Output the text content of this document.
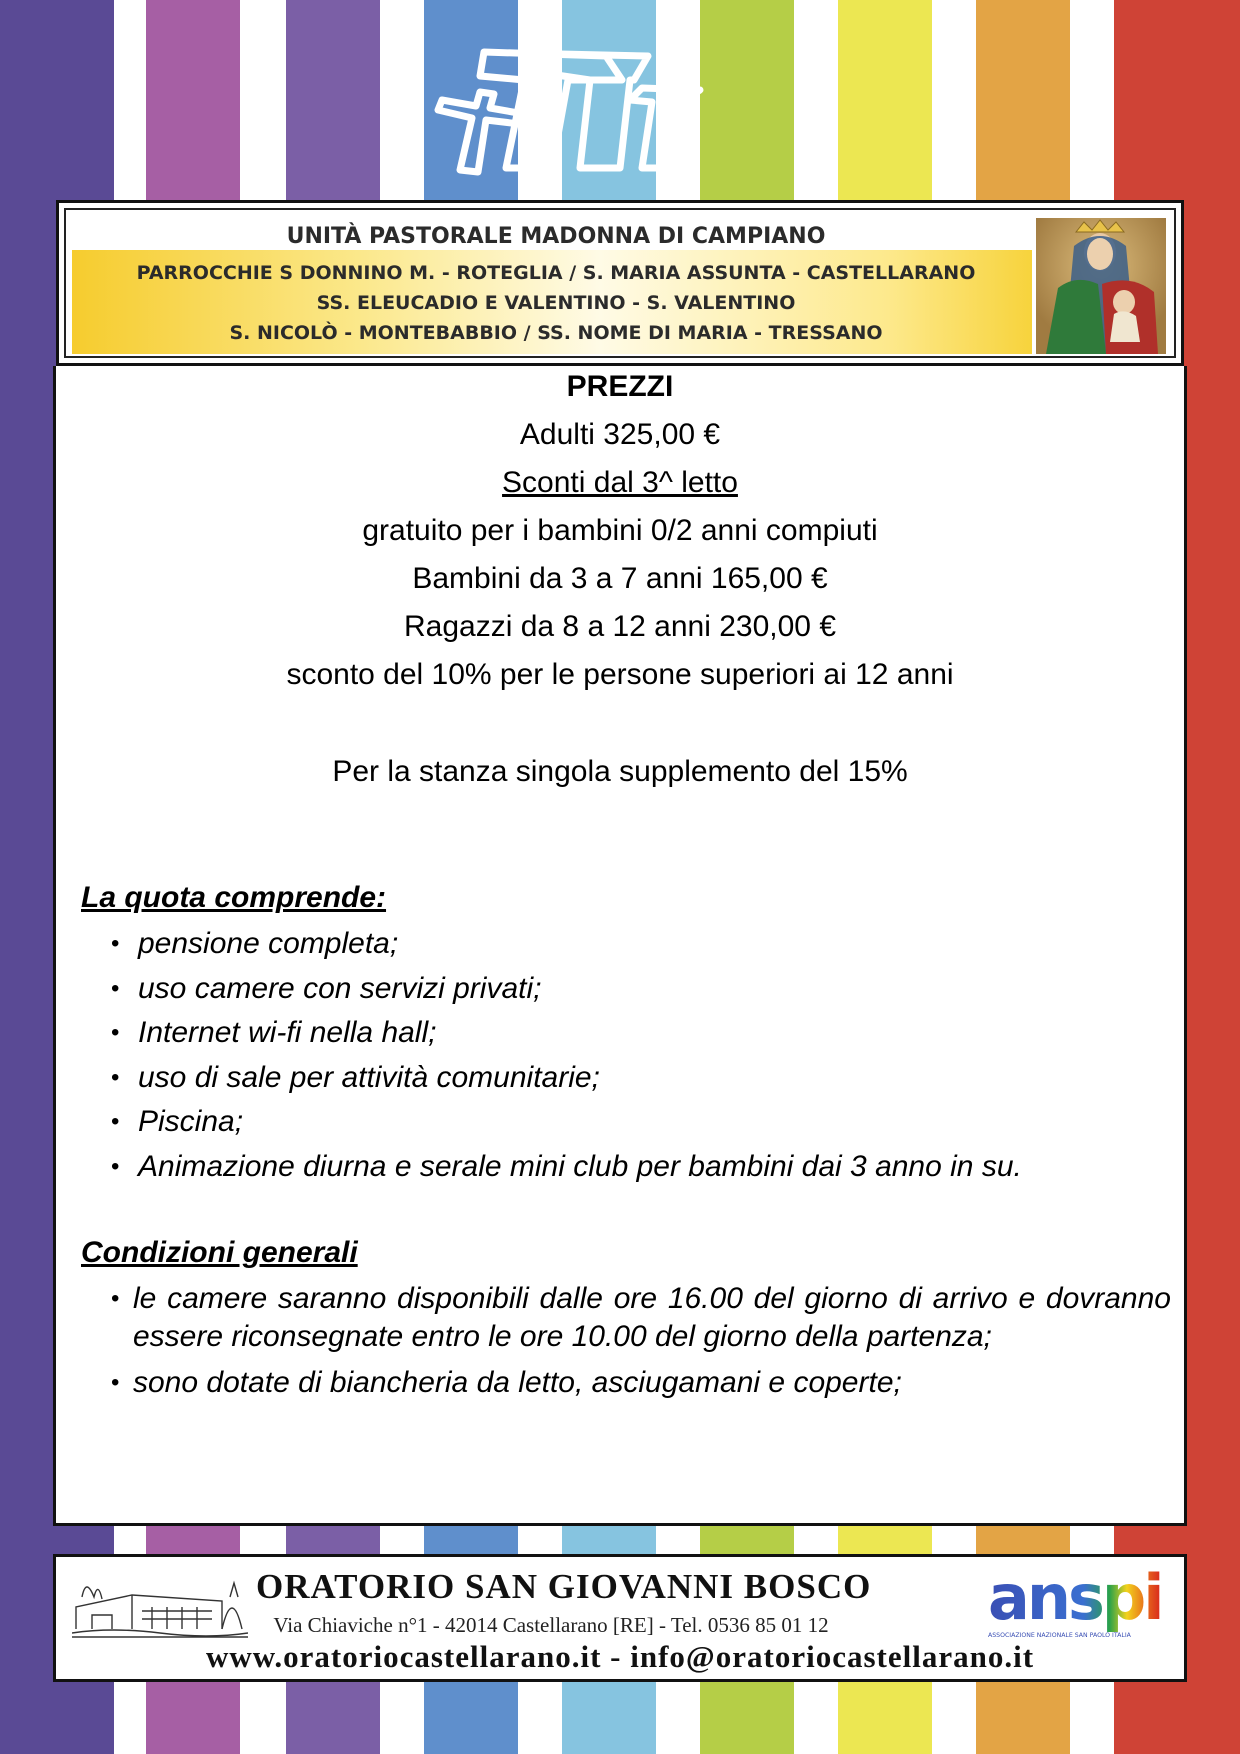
UNITÀ PASTORALE MADONNA DI CAMPIANO
PARROCCHIE S DONNINO M. - ROTEGLIA / S. MARIA ASSUNTA - CASTELLARANO
SS. ELEUCADIO E VALENTINO - S. VALENTINO
S. NICOLÒ - MONTEBABBIO / SS. NOME DI MARIA - TRESSANO
PREZZI
Adulti 325,00 €
Sconti dal 3^ letto
gratuito per i bambini 0/2 anni compiuti
Bambini da 3 a 7 anni 165,00 €
Ragazzi da 8 a 12 anni 230,00 €
sconto del 10% per le persone superiori ai 12 anni
Per la stanza singola supplemento del 15%
La quota comprende:
• pensione completa;
• uso camere con servizi privati;
• Internet wi-fi nella hall;
• uso di sale per attività comunitarie;
• Piscina;
• Animazione diurna e serale mini club per bambini dai 3 anno in su.
Condizioni generali
• le camere saranno disponibili dalle ore 16.00 del giorno di arrivo e dovranno essere riconsegnate entro le ore 10.00 del giorno della partenza;
• sono dotate di biancheria da letto, asciugamani e coperte;
ORATORIO SAN GIOVANNI BOSCO
Via Chiaviche n°1 - 42014 Castellarano [RE] - Tel. 0536 85 01 12
www.oratoriocastellarano.it - info@oratoriocastellarano.it
anspi
ASSOCIAZIONE NAZIONALE SAN PAOLO ITALIA
